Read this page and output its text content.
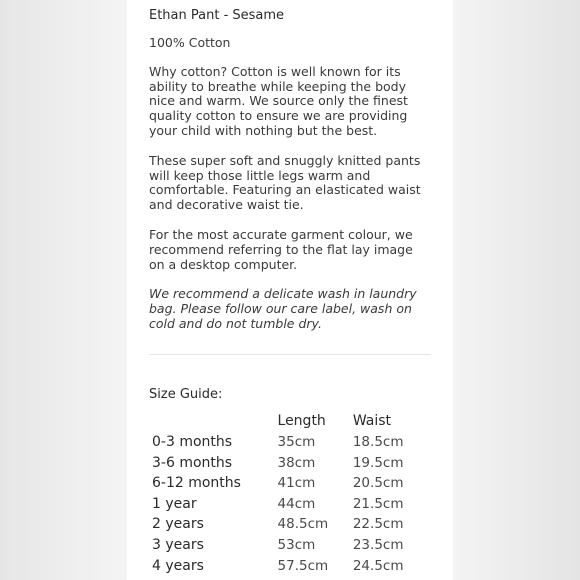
Ethan Pant - Sesame
100% Cotton
Why cotton? Cotton is well known for its ability to breathe while keeping the body nice and warm. We source only the finest quality cotton to ensure we are providing your child with nothing but the best.
These super soft and snuggly knitted pants will keep those little legs warm and comfortable. Featuring an elasticated waist and decorative waist tie.
For the most accurate garment colour, we recommend referring to the flat lay image on a desktop computer.
We recommend a delicate wash in laundry bag. Please follow our care label, wash on cold and do not tumble dry.
Size Guide:
	Length	Waist
0-3 months	35cm	18.5cm
3-6 months	38cm	19.5cm
6-12 months	41cm	20.5cm
1 year	44cm	21.5cm
2 years	48.5cm	22.5cm
3 years	53cm	23.5cm
4 years	57.5cm	24.5cm
